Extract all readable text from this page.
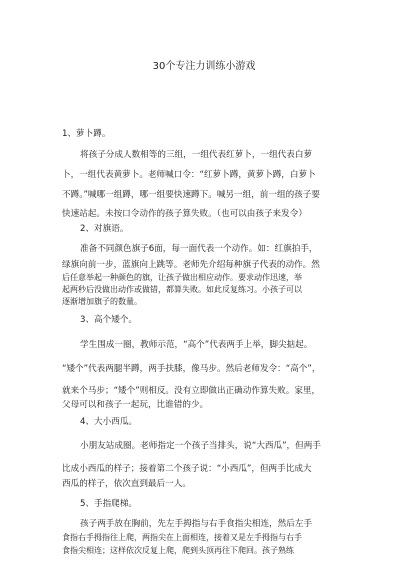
30个专注力训练小游戏
1、萝卜蹲。
将孩子分成人数相等的三组，一组代表红萝卜，一组代表白萝
卜，一组代表黄萝卜。老师喊口令：“红萝卜蹲，黄萝卜蹲，白萝卜
不蹲。”喊哪一组蹲，哪一组要快速蹲下。喊另一组，前一组的孩子要
快速站起。未按口令动作的孩子算失败。（也可以由孩子来发令）
2、对旗语。
准备不同颜色旗子6面，每一面代表一个动作。如：红旗拍手，
绿旗向前一步，蓝旗向上跳等。老师先介绍每种旗子代表的动作。然
后任意举起一种颜色的旗，让孩子做出相应动作。要求动作迅速，举
起两秒后没做出动作或做错，都算失败。如此反复练习。小孩子可以
逐渐增加旗子的数量。
3、高个矮个。
学生围成一圈，教师示范，“高个”代表两手上举，脚尖掂起。
“矮个”代表两腿半蹲，两手扶膝，像马步。然后老师发令：“高个”，
就来个马步；“矮个”则相反。没有立即做出正确动作算失败。家里，
父母可以和孩子一起玩，比谁错的少。
4、大小西瓜。
小朋友站成圈。老师指定一个孩子当排头，说“大西瓜”，但两手
比成小西瓜的样子；接着第二个孩子说：“小西瓜”，但两手比成大
西瓜的样子，依次直到最后一人。
5、手指爬梯。
孩子两手放在胸前，先左手拇指与右手食指尖相连，然后左手
食指右手拇指往上爬，两指尖在上面相连，接着又是左手拇指与右手
食指尖相连；这样依次反复上爬，爬到头顶再往下爬回。孩子熟练
